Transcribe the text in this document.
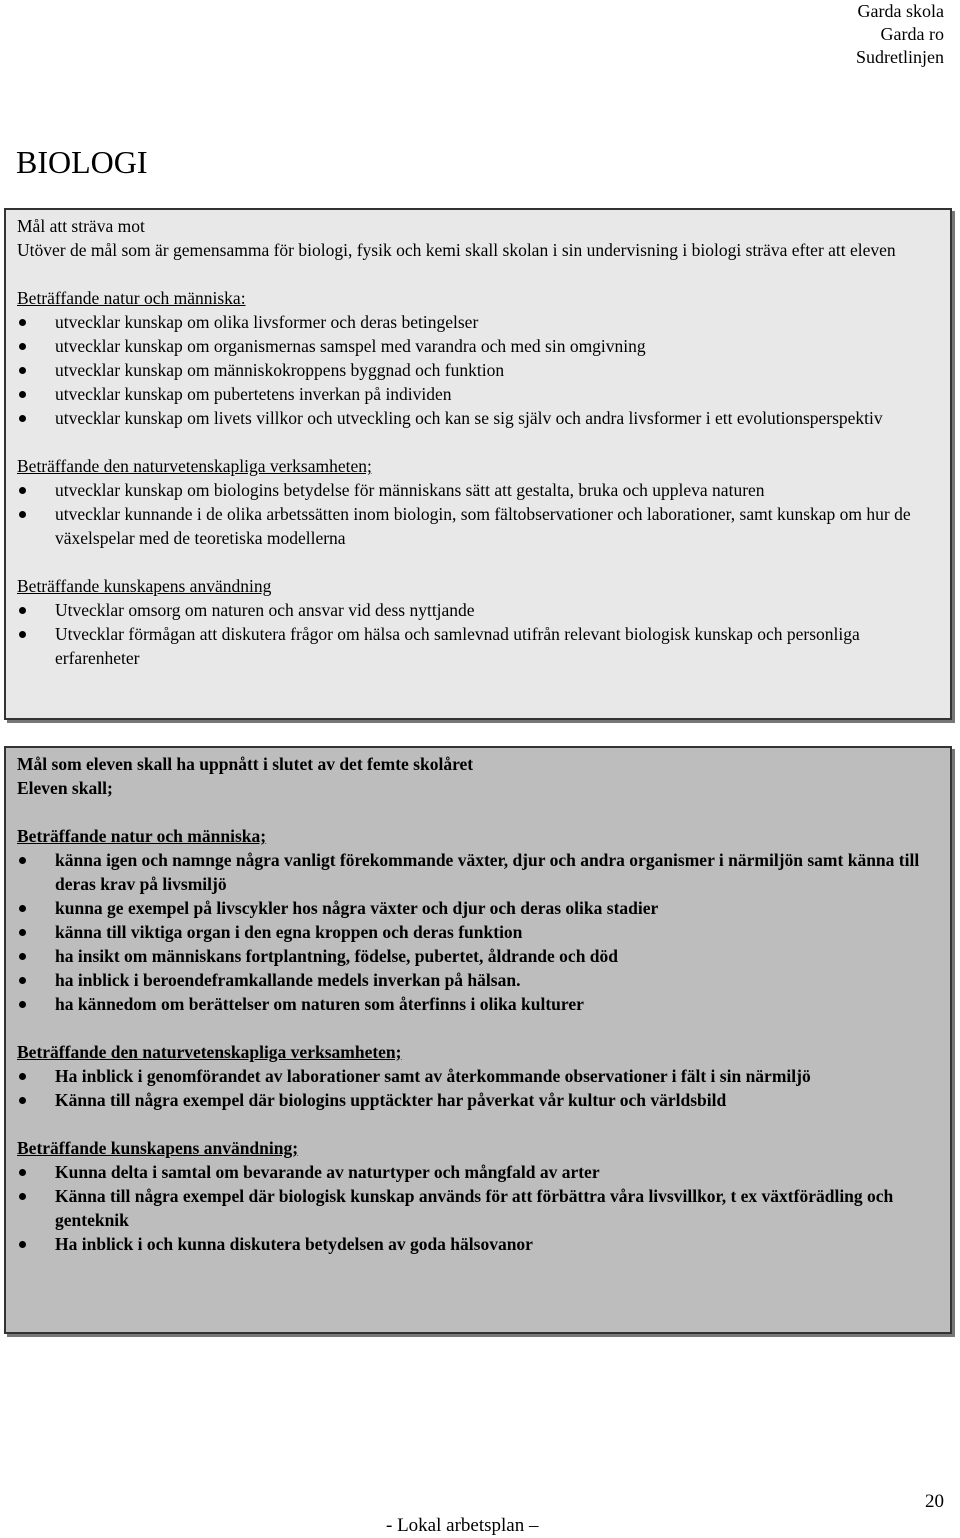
Garda skola
Garda ro
Sudretlinjen
BIOLOGI

Mål att sträva mot

Utöver de mål som är gemensamma för biologi, fysik och kemi skall skolan i sin undervisning i biologi sträva efter att eleven

Beträffande natur och människa:

utvecklar kunskap om olika livsformer och deras betingelser
utvecklar kunskap om organismernas samspel med varandra och med sin omgivning
utvecklar kunskap om människokroppens byggnad och funktion
utvecklar kunskap om pubertetens inverkan på individen
utvecklar kunskap om livets villkor och utveckling och kan se sig själv och andra livsformer i ett evolutionsperspektiv

Beträffande den naturvetenskapliga verksamheten;

utvecklar kunskap om biologins betydelse för människans sätt att gestalta, bruka och uppleva naturen
utvecklar kunnande i de olika arbetssätten inom biologin, som fältobservationer och laborationer, samt kunskap om hur de växelspelar med de teoretiska modellerna

Beträffande kunskapens användning

Utvecklar omsorg om naturen och ansvar vid dess nyttjande
Utvecklar förmågan att diskutera frågor om hälsa och samlevnad utifrån relevant biologisk kunskap och personliga erfarenheter

Mål som eleven skall ha uppnått i slutet av det femte skolåret

Eleven skall;

Beträffande natur och människa;

känna igen och namnge några vanligt förekommande växter, djur och andra organismer i närmiljön samt känna till deras krav på livsmiljö
kunna ge exempel på livscykler hos några växter och djur och deras olika stadier
känna till viktiga organ i den egna kroppen och deras funktion
ha insikt om människans fortplantning, födelse, pubertet, åldrande och död
ha inblick i beroendeframkallande medels inverkan på hälsan.
ha kännedom om berättelser om naturen som återfinns i olika kulturer

Beträffande den naturvetenskapliga verksamheten;

Ha inblick i genomförandet av laborationer samt av återkommande observationer i fält i sin närmiljö
Känna till några exempel där biologins upptäckter har påverkat vår kultur och världsbild

Beträffande kunskapens användning;

Kunna delta i samtal om bevarande av naturtyper och mångfald av arter
Känna till några exempel där biologisk kunskap används för att förbättra våra livsvillkor, t ex växtförädling och genteknik
Ha inblick i och kunna diskutera betydelsen av goda hälsovanor
20
- Lokal arbetsplan –
